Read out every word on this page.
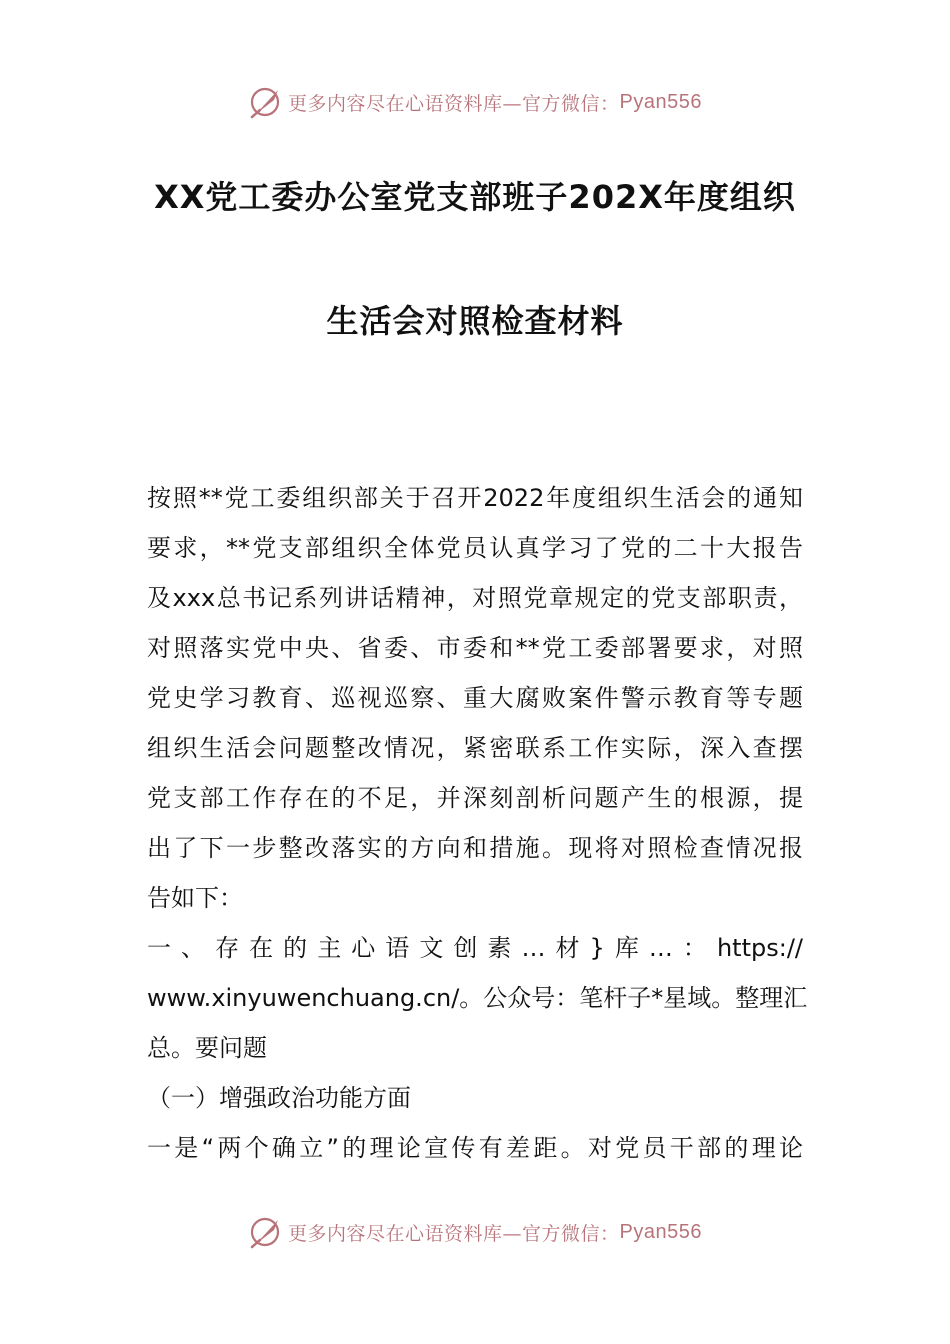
更多内容尽在心语资料库—官方微信： Pyan556
XX党工委办公室党支部班子202X年度组织
生活会对照检查材料
按照**党工委组织部关于召开2022年度组织生活会的通知
要求，**党支部组织全体党员认真学习了党的二十大报告
及xxx总书记系列讲话精神，对照党章规定的党支部职责，
对照落实党中央、省委、市委和**党工委部署要求，对照
党史学习教育、巡视巡察、重大腐败案件警示教育等专题
组织生活会问题整改情况，紧密联系工作实际，深入查摆
党支部工作存在的不足，并深刻剖析问题产生的根源，提
出了下一步整改落实的方向和措施。现将对照检查情况报
告如下：
一、存在的主心语文创素…材}库…：https://
www.xinyuwenchuang.cn/。公众号：笔杆子*星域。整理汇
总。要问题
（一）增强政治功能方面
一是“两个确立”的理论宣传有差距。对党员干部的理论
更多内容尽在心语资料库—官方微信： Pyan556
